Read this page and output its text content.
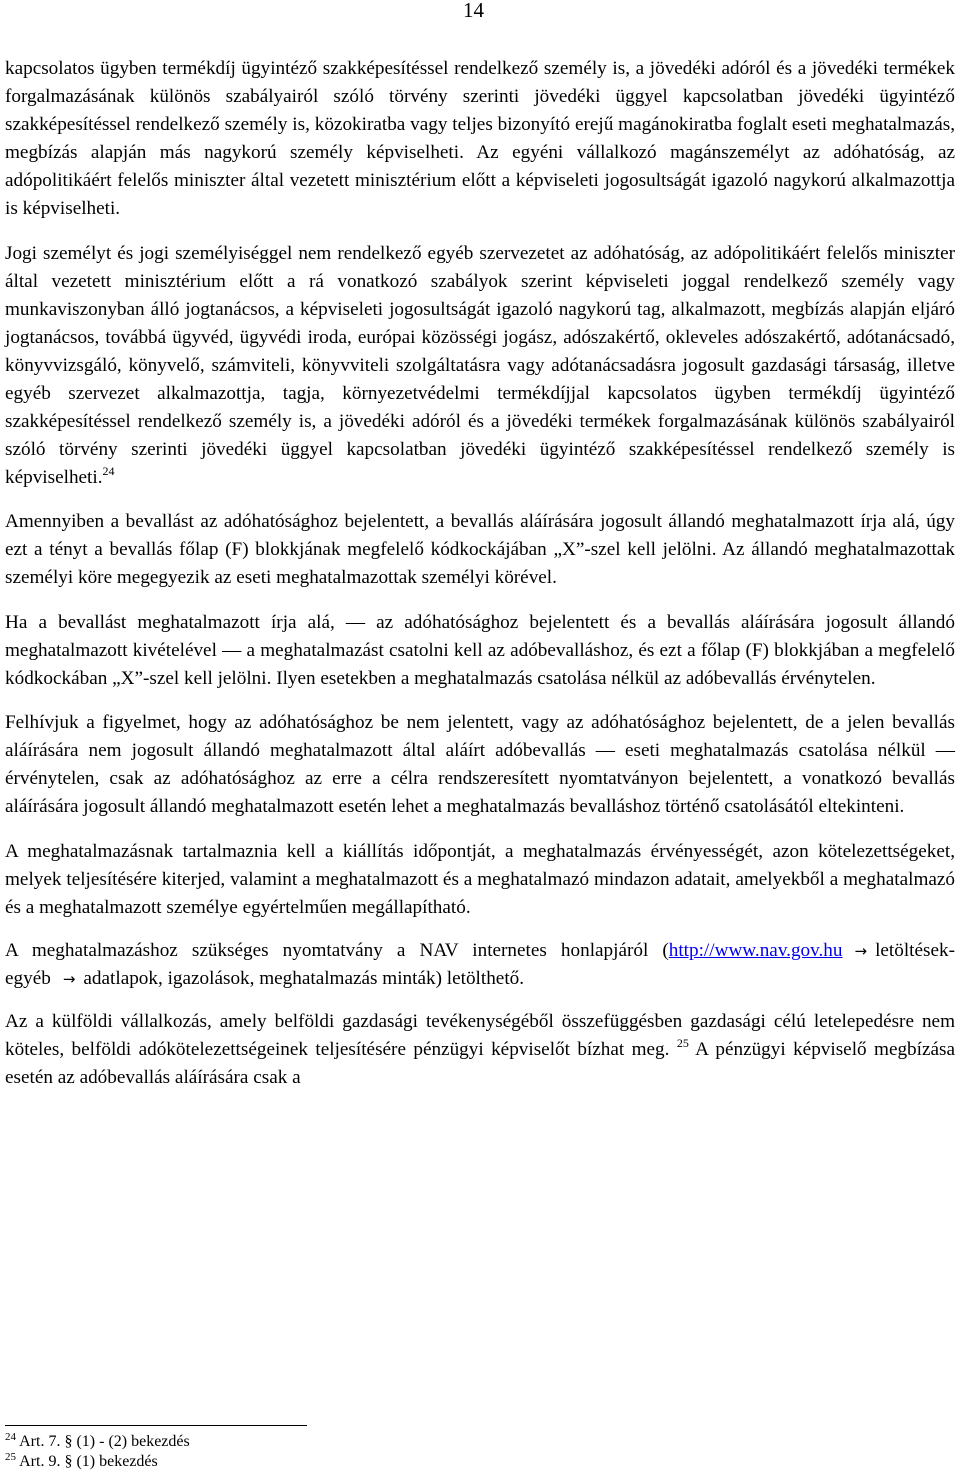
14

kapcsolatos ügyben termékdíj ügyintéző szakképesítéssel rendelkező személy is, a jövedéki adóról és a jövedéki termékek forgalmazásának különös szabályairól szóló törvény szerinti jövedéki üggyel kapcsolatban jövedéki ügyintéző szakképesítéssel rendelkező személy is, közokiratba vagy teljes bizonyító erejű magánokiratba foglalt eseti meghatalmazás, megbízás alapján más nagykorú személy képviselheti. Az egyéni vállalkozó magánszemélyt az adóhatóság, az adópolitikáért felelős miniszter által vezetett minisztérium előtt a képviseleti jogosultságát igazoló nagykorú alkalmazottja is képviselheti.

Jogi személyt és jogi személyiséggel nem rendelkező egyéb szervezetet az adóhatóság, az adópolitikáért felelős miniszter által vezetett minisztérium előtt a rá vonatkozó szabályok szerint képviseleti joggal rendelkező személy vagy munkaviszonyban álló jogtanácsos, a képviseleti jogosultságát igazoló nagykorú tag, alkalmazott, megbízás alapján eljáró jogtanácsos, továbbá ügyvéd, ügyvédi iroda, európai közösségi jogász, adószakértő, okleveles adószakértő, adótanácsadó, könyvvizsgáló, könyvelő, számviteli, könyvviteli szolgáltatásra vagy adótanácsadásra jogosult gazdasági társaság, illetve egyéb szervezet alkalmazottja, tagja, környezetvédelmi termékdíjjal kapcsolatos ügyben termékdíj ügyintéző szakképesítéssel rendelkező személy is, a jövedéki adóról és a jövedéki termékek forgalmazásának különös szabályairól szóló törvény szerinti jövedéki üggyel kapcsolatban jövedéki ügyintéző szakképesítéssel rendelkező személy is képviselheti.$^{24}$

Amennyiben a bevallást az adóhatósághoz bejelentett, a bevallás aláírására jogosult állandó meghatalmazott írja alá, úgy ezt a tényt a bevallás főlap (F) blokkjának megfelelő kódkockájában „X”-szel kell jelölni. Az állandó meghatalmazottak személyi köre megegyezik az eseti meghatalmazottak személyi körével.

Ha a bevallást meghatalmazott írja alá, — az adóhatósághoz bejelentett és a bevallás aláírására jogosult állandó meghatalmazott kivételével — a meghatalmazást csatolni kell az adóbevalláshoz, és ezt a főlap (F) blokkjában a megfelelő kódkockában „X”-szel kell jelölni. Ilyen esetekben a meghatalmazás csatolása nélkül az adóbevallás érvénytelen.

Felhívjuk a figyelmet, hogy az adóhatósághoz be nem jelentett, vagy az adóhatósághoz bejelentett, de a jelen bevallás aláírására nem jogosult állandó meghatalmazott által aláírt adóbevallás — eseti meghatalmazás csatolása nélkül — érvénytelen, csak az adóhatósághoz az erre a célra rendszeresített nyomtatványon bejelentett, a vonatkozó bevallás aláírására jogosult állandó meghatalmazott esetén lehet a meghatalmazás bevalláshoz történő csatolásától eltekinteni.

A meghatalmazásnak tartalmaznia kell a kiállítás időpontját, a meghatalmazás érvényességét, azon kötelezettségeket, melyek teljesítésére kiterjed, valamint a meghatalmazott és a meghatalmazó mindazon adatait, amelyekből a meghatalmazó és a meghatalmazott személye egyértelműen megállapítható.

A meghatalmazáshoz szükséges nyomtatvány a NAV internetes honlapjáról (http://www.nav.gov.hu → letöltések-egyéb → adatlapok, igazolások, meghatalmazás minták) letölthető.

Az a külföldi vállalkozás, amely belföldi gazdasági tevékenységéből összefüggésben gazdasági célú letelepedésre nem köteles, belföldi adókötelezettségeinek teljesítésére pénzügyi képviselőt bízhat meg. $^{25}$ A pénzügyi képviselő megbízása esetén az adóbevallás aláírására csak a

$^{24}$ Art. 7. § (1) - (2) bekezdés
$^{25}$ Art. 9. § (1) bekezdés
